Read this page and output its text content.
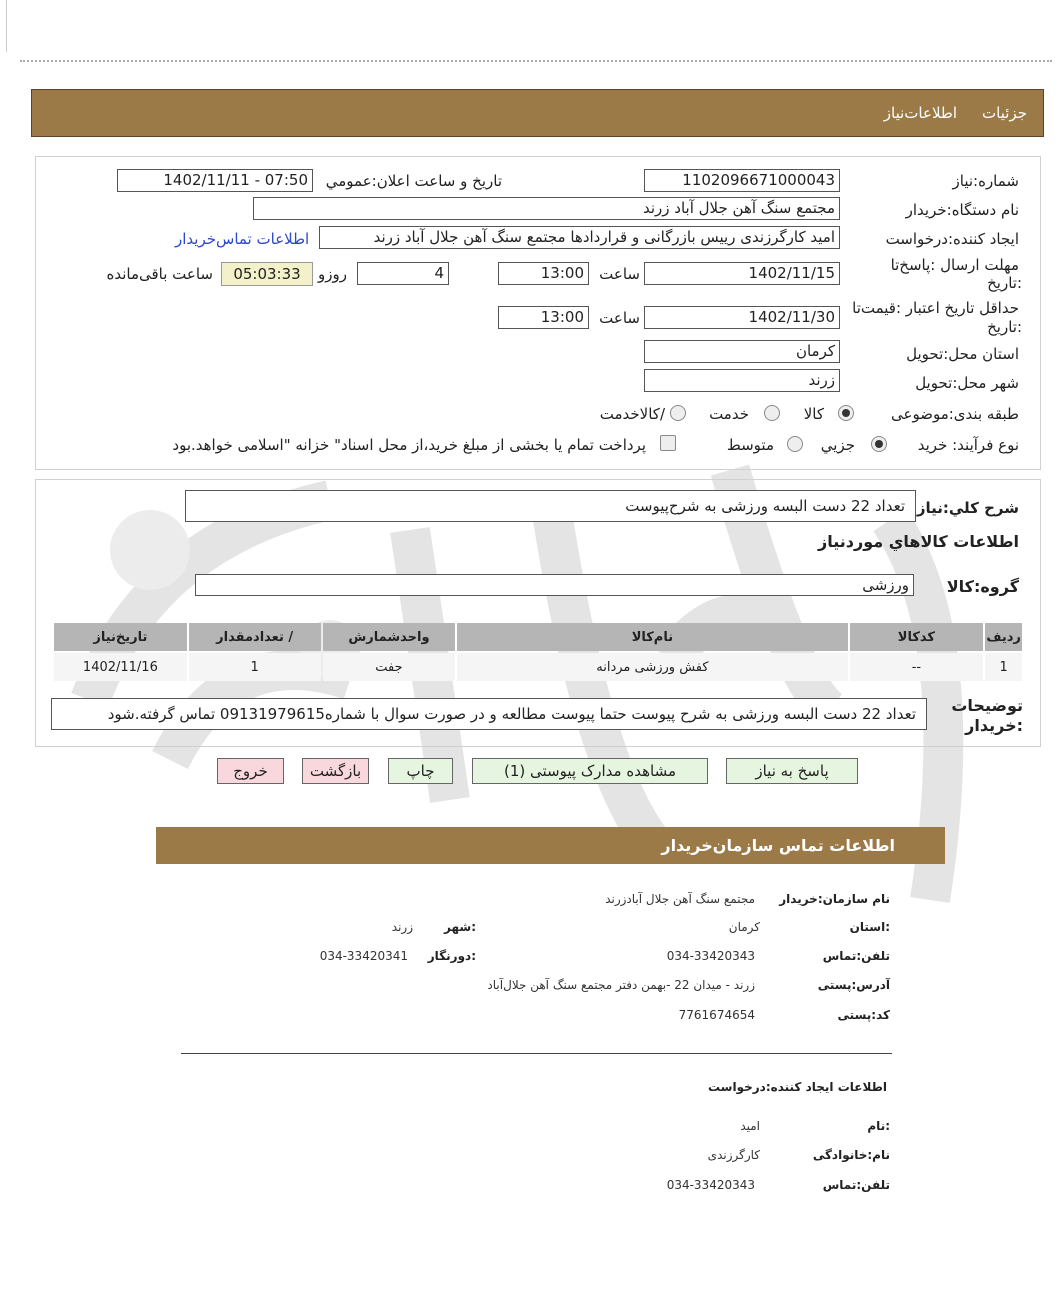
جزئیات
اطلاعات‌نیاز
شماره:نیاز
1102096671000043
تاریخ و ساعت اعلان:عمومي
1402/11/11 - 07:50
نام دستگاه:خریدار
مجتمع سنگ آهن جلال آباد زرند
ایجاد کننده:درخواست
امید کارگرزندی رییس بازرگانی و قراردادها مجتمع سنگ آهن جلال آباد زرند
اطلاعات تماس‌خریدار
مهلت ارسال :پاسخ‌تا
:تاریخ
1402/11/15
ساعت
13:00
4
روزو
05:03:33
ساعت باقی‌مانده
حداقل تاریخ اعتبار :قیمت‌تا
:تاریخ
1402/11/30
ساعت
13:00
استان محل:تحویل
کرمان
شهر محل:تحویل
زرند
طبقه بندی:موضوعی
کالا
خدمت
/کالاخدمت
نوع فرآیند: خرید
جزیي
متوسط
پرداخت تمام یا بخشی از مبلغ خرید،از محل اسناد" خزانه "اسلامی خواهد.بود
شرح کلي:نیاز
تعداد 22 دست البسه ورزشی به شرح‌پیوست
اطلاعات کالاهاي موردنیاز
گروه:کالا
ورزشی
ردیف	کدکالا	نام‌کالا	واحدشمارش	/ تعدادمقدار	تاریخ‌نیاز
1	--	کفش ورزشی مردانه	جفت	1	1402/11/16
توضیحات
:خریدار
تعداد 22 دست البسه ورزشی به شرح پیوست حتما پیوست مطالعه و در صورت سوال با شماره09131979615 تماس گرفته.شود
پاسخ به نیاز
مشاهده مدارک پیوستی (1)
چاپ
بازگشت
خروج
اطلاعات تماس سازمان‌خریدار
نام سازمان:خریدار
مجتمع سنگ آهن جلال آبادزرند
:استان
کرمان
:شهر
زرند
تلفن:تماس
034-33420343
:دورنگار
034-33420341
آدرس:پستی
زرند - میدان 22 -بهمن دفتر مجتمع سنگ آهن جلال‌آباد
کد:پستی
7761674654
اطلاعات ایجاد کننده:درخواست
:نام
امید
نام:خانوادگی
کارگرزندی
تلفن:تماس
034-33420343
